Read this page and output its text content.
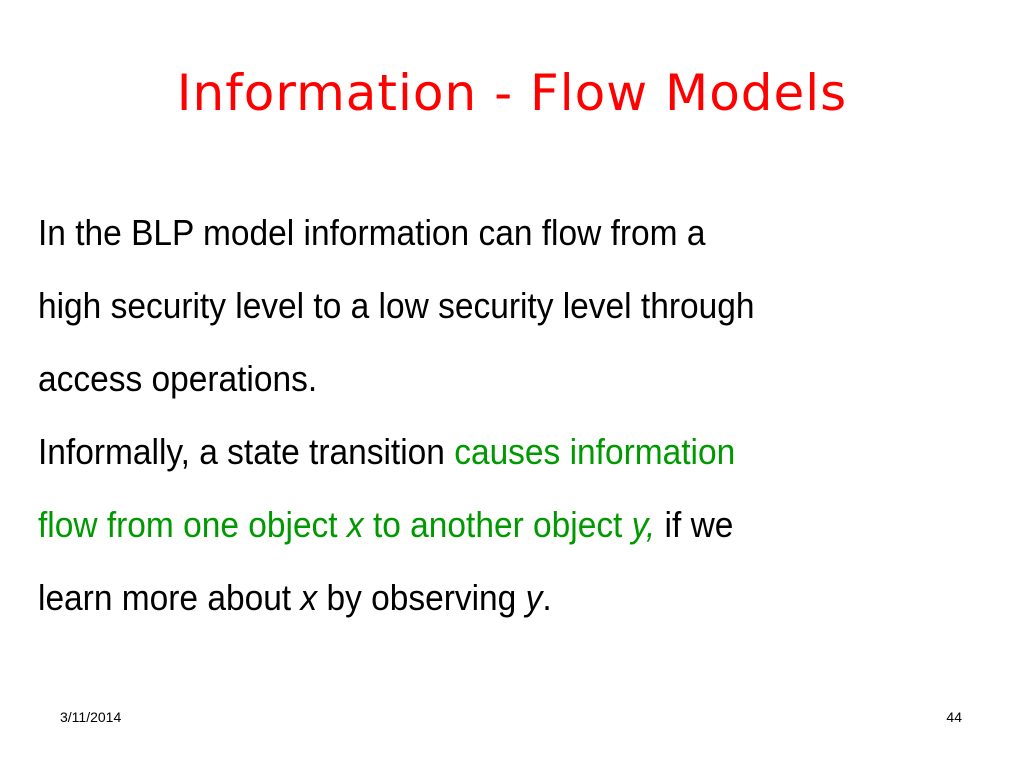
Information - Flow Models

In the BLP model information can flow from a

high security level to a low security level through

access operations.

Informally, a state transition causes information

flow from one object x to another object y, if we

learn more about x by observing y.

3/11/2014	44
